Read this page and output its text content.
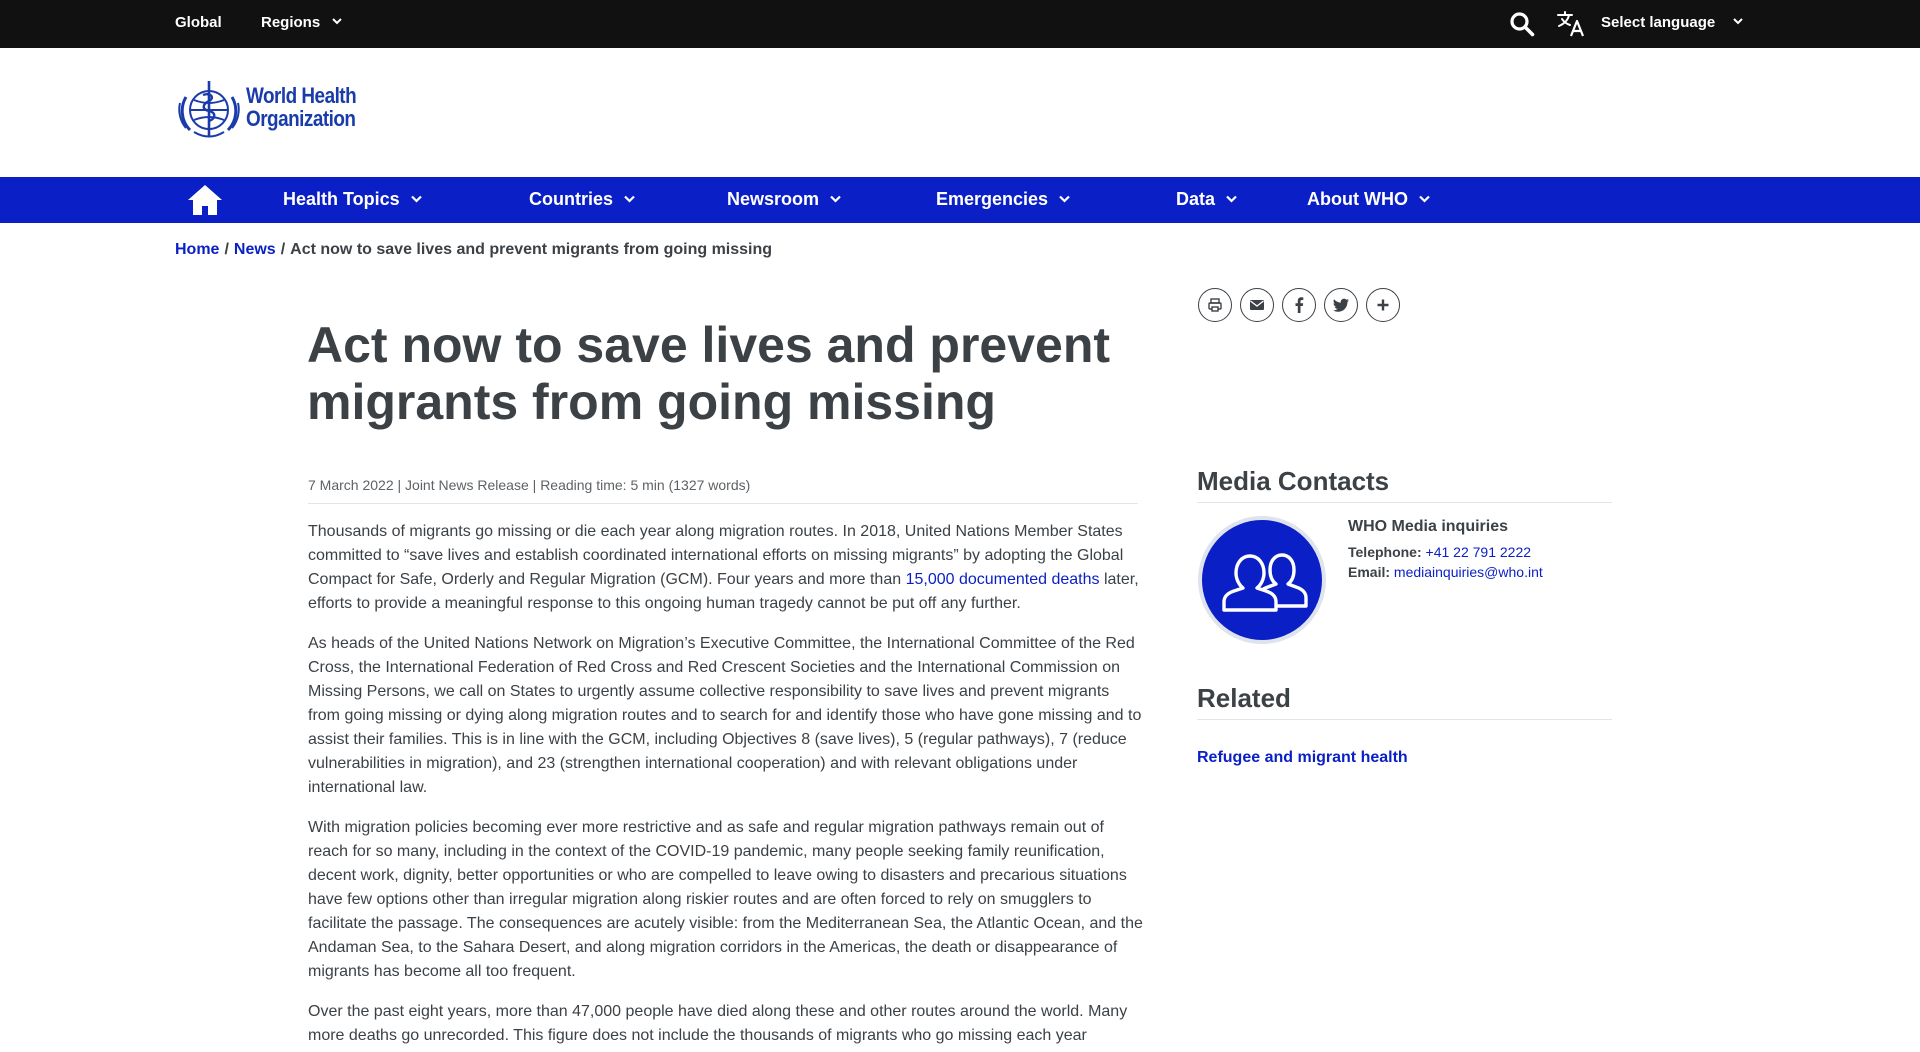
Global	Regions	Select language
World Health
Organization
Health Topics	Countries	Newsroom	Emergencies	Data	About WHO
Home / News / Act now to save lives and prevent migrants from going missing
Act now to save lives and prevent migrants from going missing
7 March 2022 | Joint News Release | Reading time: 5 min (1327 words)

Thousands of migrants go missing or die each year along migration routes. In 2018, United Nations Member States committed to “save lives and establish coordinated international efforts on missing migrants” by adopting the Global Compact for Safe, Orderly and Regular Migration (GCM). Four years and more than 15,000 documented deaths later, efforts to provide a meaningful response to this ongoing human tragedy cannot be put off any further.

As heads of the United Nations Network on Migration’s Executive Committee, the International Committee of the Red Cross, the International Federation of Red Cross and Red Crescent Societies and the International Commission on Missing Persons, we call on States to urgently assume collective responsibility to save lives and prevent migrants from going missing or dying along migration routes and to search for and identify those who have gone missing and to assist their families. This is in line with the GCM, including Objectives 8 (save lives), 5 (regular pathways), 7 (reduce vulnerabilities in migration), and 23 (strengthen international cooperation) and with relevant obligations under international law.

With migration policies becoming ever more restrictive and as safe and regular migration pathways remain out of reach for so many, including in the context of the COVID-19 pandemic, many people seeking family reunification, decent work, dignity, better opportunities or who are compelled to leave owing to disasters and precarious situations have few options other than irregular migration along riskier routes and are often forced to rely on smugglers to facilitate the passage. The consequences are acutely visible: from the Mediterranean Sea, the Atlantic Ocean, and the Andaman Sea, to the Sahara Desert, and along migration corridors in the Americas, the death or disappearance of migrants has become all too frequent.

Over the past eight years, more than 47,000 people have died along these and other routes around the world. Many more deaths go unrecorded. This figure does not include the thousands of migrants who go missing each year

Media Contacts
WHO Media inquiries
Telephone: +41 22 791 2222
Email: mediainquiries@who.int
Related
Refugee and migrant health
